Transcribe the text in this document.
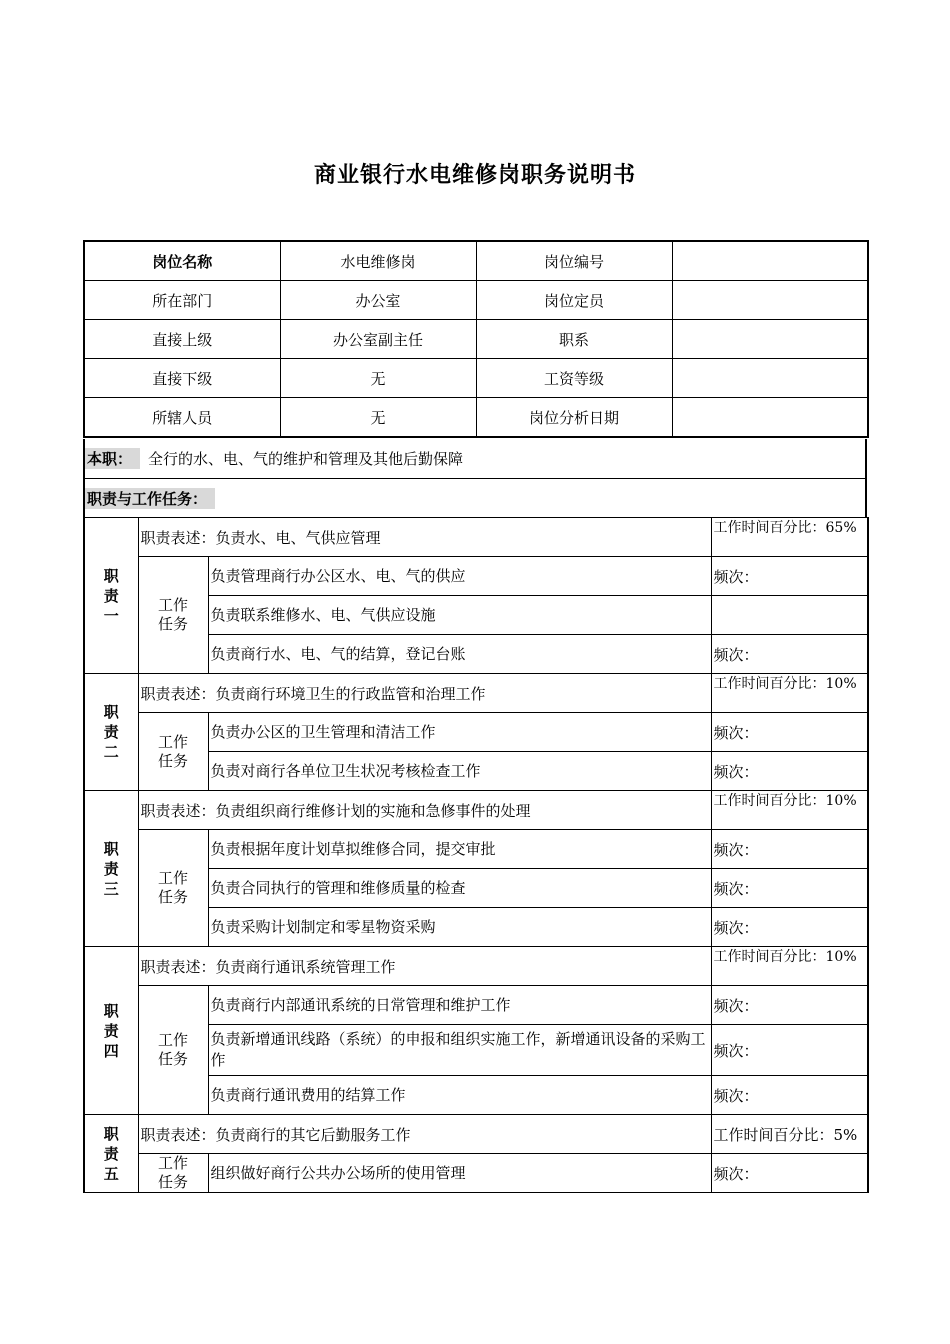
商业银行水电维修岗职务说明书
岗位名称	水电维修岗	岗位编号	
所在部门	办公室	岗位定员	
直接上级	办公室副主任	职系	
直接下级	无	工资等级	
所辖人员	无	岗位分析日期	
本职：	全行的水、电、气的维护和管理及其他后勤保障
职责与工作任务：
职责一	职责表述：负责水、电、气供应管理		工作时间百分比：65%
	工作任务	负责管理商行办公区水、电、气的供应	频次：
		负责联系维修水、电、气供应设施	
		负责商行水、电、气的结算，登记台账	频次：
职责二	职责表述：负责商行环境卫生的行政监管和治理工作		工作时间百分比：10%
	工作任务	负责办公区的卫生管理和清洁工作	频次：
		负责对商行各单位卫生状况考核检查工作	频次：
职责三	职责表述：负责组织商行维修计划的实施和急修事件的处理		工作时间百分比：10%
	工作任务	负责根据年度计划草拟维修合同，提交审批	频次：
		负责合同执行的管理和维修质量的检查	频次：
		负责采购计划制定和零星物资采购	频次：
职责四	职责表述：负责商行通讯系统管理工作		工作时间百分比：10%
	工作任务	负责商行内部通讯系统的日常管理和维护工作	频次：
		负责新增通讯线路（系统）的申报和组织实施工作，新增通讯设备的采购工作	频次：
		负责商行通讯费用的结算工作	频次：
职责五	职责表述：负责商行的其它后勤服务工作		工作时间百分比：5%
	工作任务	组织做好商行公共办公场所的使用管理	频次：
